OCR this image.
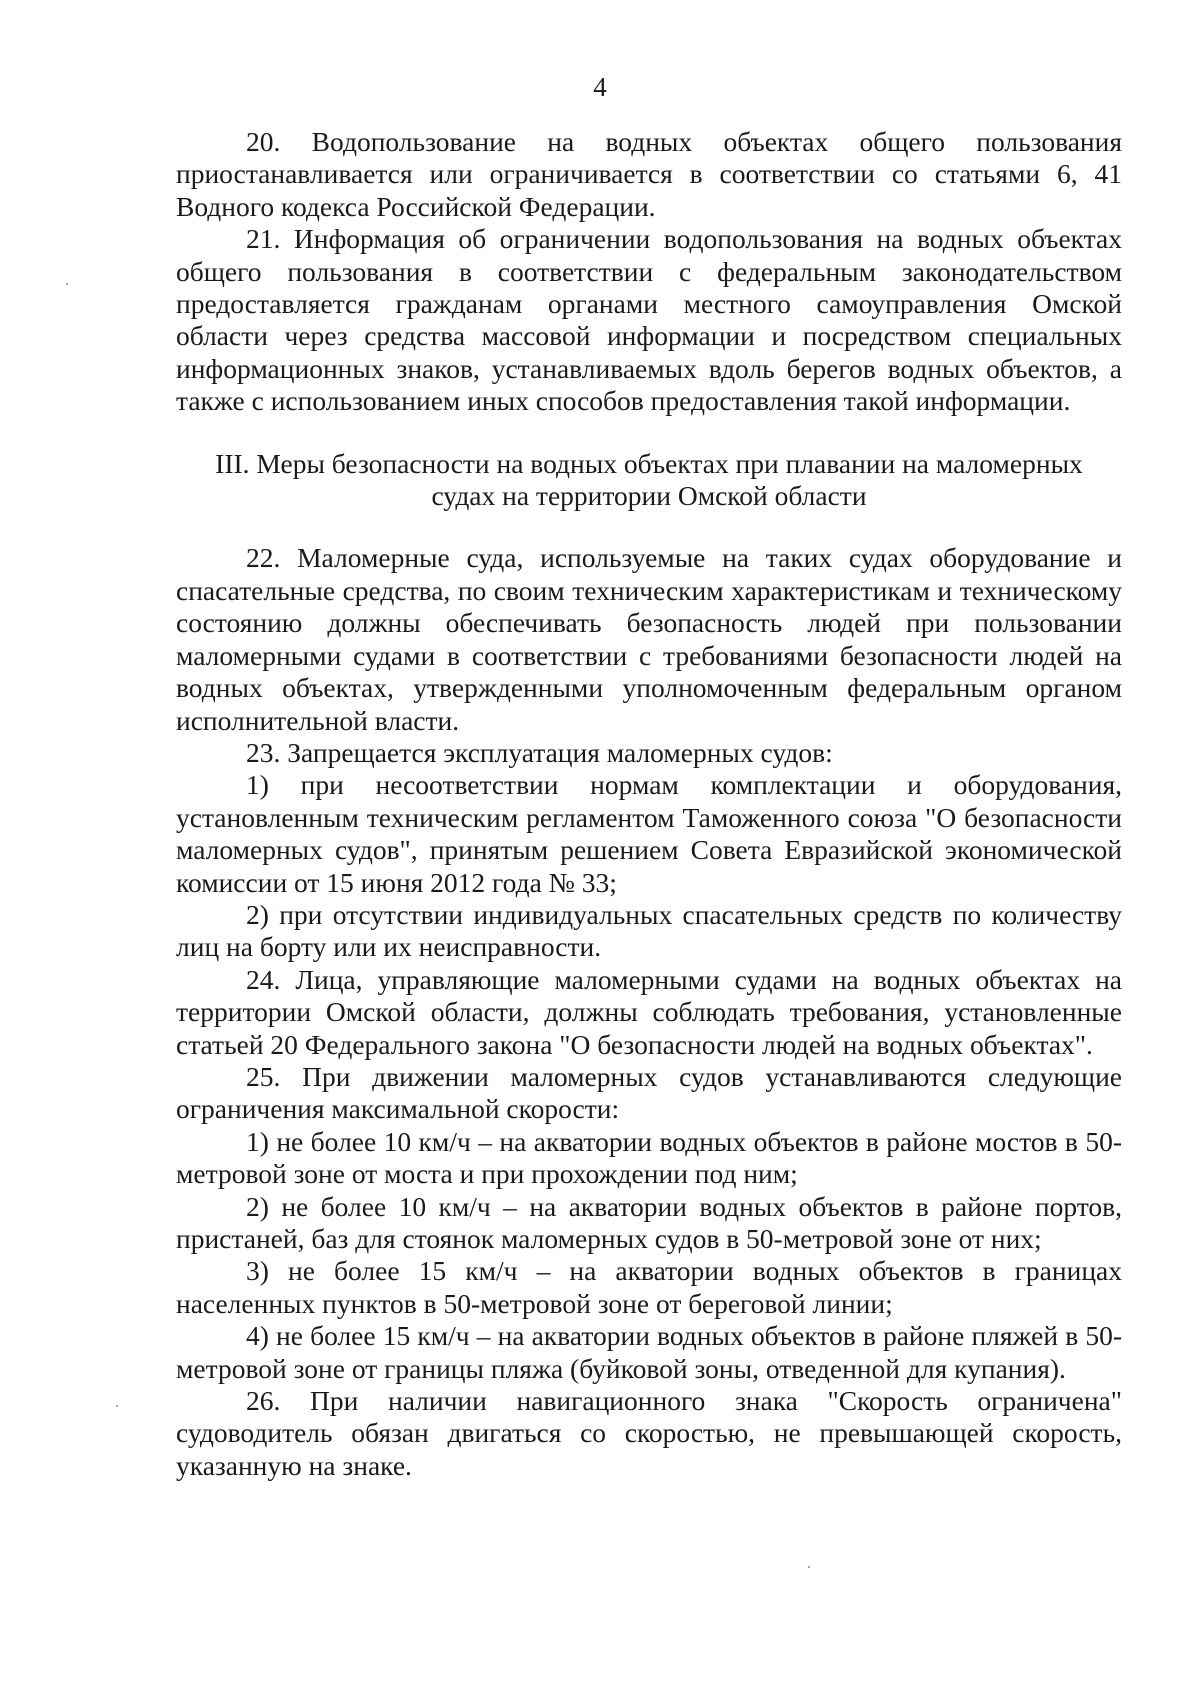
4

20. Водопользование на водных объектах общего пользования приостанавливается или ограничивается в соответствии со статьями 6, 41 Водного кодекса Российской Федерации.

21. Информация об ограничении водопользования на водных объектах общего пользования в соответствии с федеральным законодательством предоставляется гражданам органами местного самоуправления Омской области через средства массовой информации и посредством специальных информационных знаков, устанавливаемых вдоль берегов водных объектов, а также с использованием иных способов предоставления такой информации.

III. Меры безопасности на водных объектах при плавании на маломерных судах на территории Омской области

22. Маломерные суда, используемые на таких судах оборудование и спасательные средства, по своим техническим характеристикам и техническому состоянию должны обеспечивать безопасность людей при пользовании маломерными судами в соответствии с требованиями безопасности людей на водных объектах, утвержденными уполномоченным федеральным органом исполнительной власти.

23. Запрещается эксплуатация маломерных судов:

1) при несоответствии нормам комплектации и оборудования, установленным техническим регламентом Таможенного союза "О безопасности маломерных судов", принятым решением Совета Евразийской экономической комиссии от 15 июня 2012 года № 33;

2) при отсутствии индивидуальных спасательных средств по количеству лиц на борту или их неисправности.

24. Лица, управляющие маломерными судами на водных объектах на территории Омской области, должны соблюдать требования, установленные статьей 20 Федерального закона "О безопасности людей на водных объектах".

25. При движении маломерных судов устанавливаются следующие ограничения максимальной скорости:

1) не более 10 км/ч – на акватории водных объектов в районе мостов в 50-метровой зоне от моста и при прохождении под ним;

2) не более 10 км/ч – на акватории водных объектов в районе портов, пристаней, баз для стоянок маломерных судов в 50-метровой зоне от них;

3) не более 15 км/ч – на акватории водных объектов в границах населенных пунктов в 50-метровой зоне от береговой линии;

4) не более 15 км/ч – на акватории водных объектов в районе пляжей в 50-метровой зоне от границы пляжа (буйковой зоны, отведенной для купания).

26. При наличии навигационного знака "Скорость ограничена" судоводитель обязан двигаться со скоростью, не превышающей скорость, указанную на знаке.
